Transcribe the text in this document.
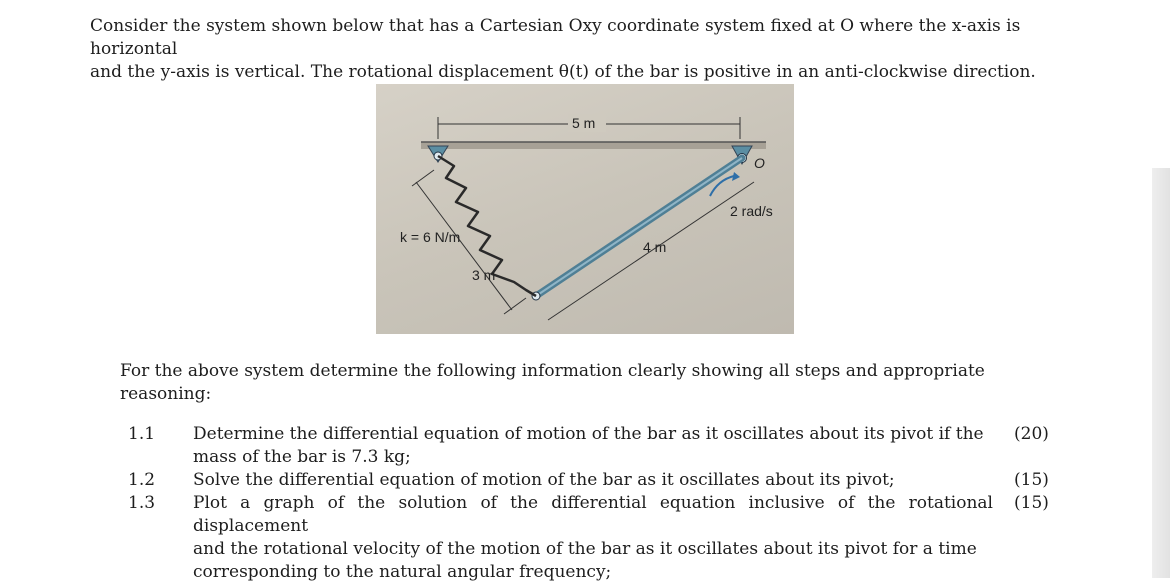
Consider the system shown below that has a Cartesian Oxy coordinate system fixed at O where the x-axis is horizontal
and the y-axis is vertical. The rotational displacement θ(t) of the bar is positive in an anti-clockwise direction.
5 m
O
3 m
k = 6 N/m
4 m
2 rad/s
For the above system determine the following information clearly showing all steps and appropriate reasoning:
1.1 Determine the differential equation of motion of the bar as it oscillates about its pivot if the
mass of the bar is 7.3 kg;
(20)
1.2 Solve the differential equation of motion of the bar as it oscillates about its pivot;	(15)
1.3 Plot a graph of the solution of the differential equation inclusive of the rotational displacement
and the rotational velocity of the motion of the bar as it oscillates about its pivot for a time
corresponding to the natural angular frequency;
(15)
